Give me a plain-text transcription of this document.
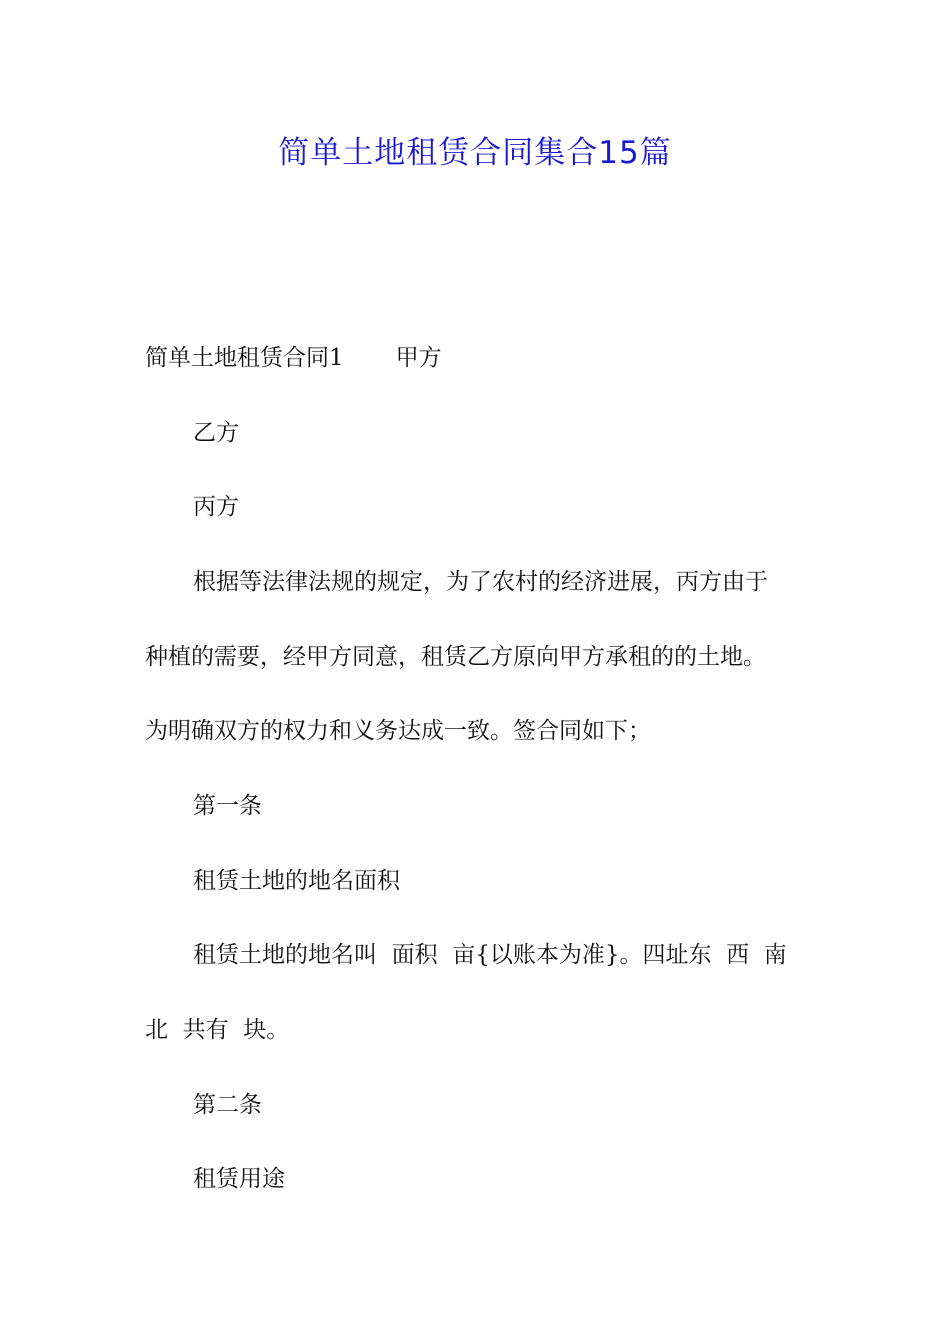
简单土地租赁合同集合15篇
简单土地租赁合同1 甲方
乙方
丙方
根据等法律法规的规定，为了农村的经济进展，丙方由于
种植的需要，经甲方同意，租赁乙方原向甲方承租的的土地。
为明确双方的权力和义务达成一致。签合同如下；
第一条
租赁土地的地名面积
租赁土地的地名叫  面积  亩{以账本为准}。四址东  西  南
北  共有  块。
第二条
租赁用途
